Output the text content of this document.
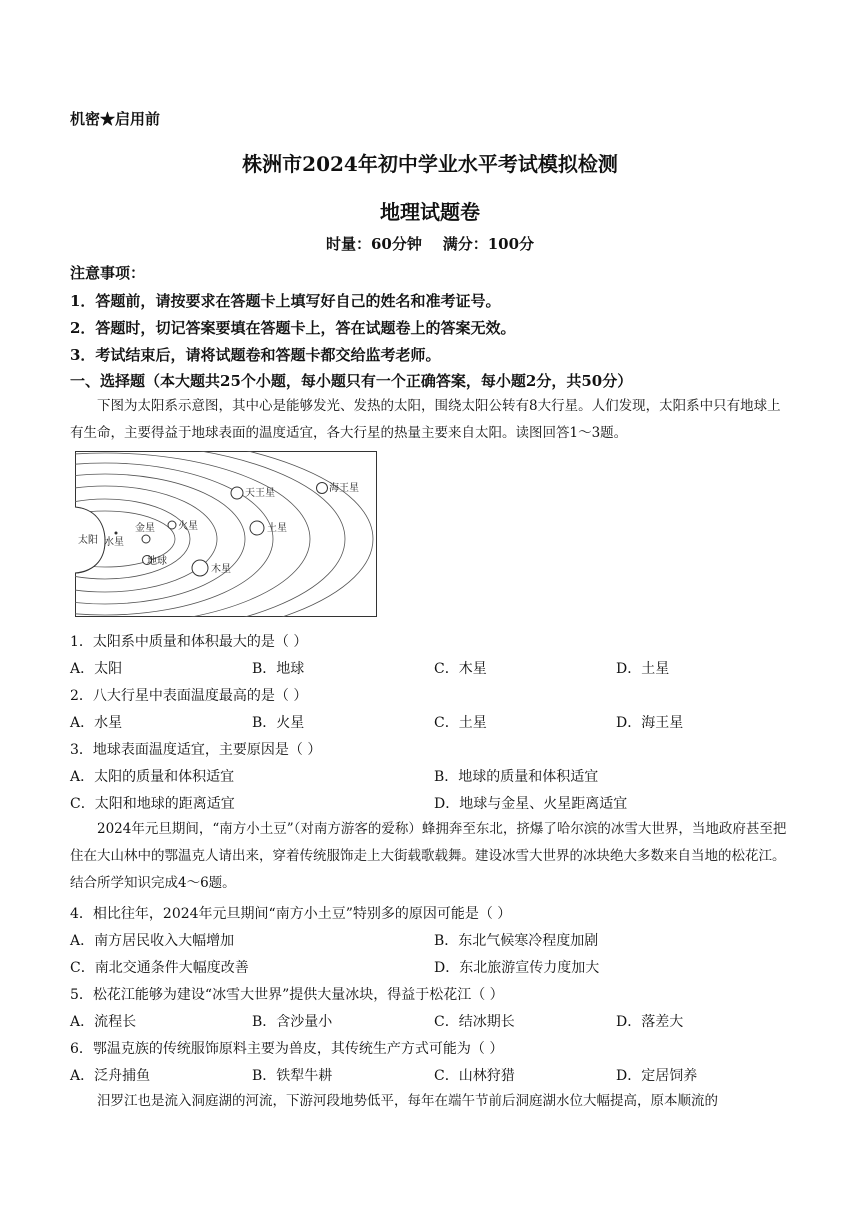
机密★启用前
株洲市2024年初中学业水平考试模拟检测
地理试题卷
时量：60分钟    满分：100分
注意事项：
1．答题前，请按要求在答题卡上填写好自己的姓名和准考证号。
2．答题时，切记答案要填在答题卡上，答在试题卷上的答案无效。
3．考试结束后，请将试题卷和答题卡都交给监考老师。
一、选择题（本大题共25个小题，每小题只有一个正确答案，每小题2分，共50分）
下图为太阳系示意图，其中心是能够发光、发热的太阳，围绕太阳公转有8大行星。人们发现，太阳系中只有地球上有生命，主要得益于地球表面的温度适宜，各大行星的热量主要来自太阳。读图回答1～3题。
太阳 水星
金星 火星
地球
木星
土星
天王星	海王星
1．太阳系中质量和体积最大的是（ ）
A．太阳	B．地球	C．木星	D．土星
2．八大行星中表面温度最高的是（ ）
A．水星	B．火星	C．土星	D．海王星
3．地球表面温度适宜，主要原因是（ ）
A．太阳的质量和体积适宜	B．地球的质量和体积适宜
C．太阳和地球的距离适宜	D．地球与金星、火星距离适宜
2024年元旦期间，“南方小土豆”（对南方游客的爱称）蜂拥奔至东北，挤爆了哈尔滨的冰雪大世界，当地政府甚至把住在大山林中的鄂温克人请出来，穿着传统服饰走上大街载歌载舞。建设冰雪大世界的冰块绝大多数来自当地的松花江。结合所学知识完成4～6题。
4．相比往年，2024年元旦期间“南方小土豆”特别多的原因可能是（ ）
A．南方居民收入大幅增加	B．东北气候寒冷程度加剧
C．南北交通条件大幅度改善	D．东北旅游宣传力度加大
5．松花江能够为建设“冰雪大世界”提供大量冰块，得益于松花江（ ）
A．流程长	B．含沙量小	C．结冰期长	D．落差大
6．鄂温克族的传统服饰原料主要为兽皮，其传统生产方式可能为（ ）
A．泛舟捕鱼	B．铁犁牛耕	C．山林狩猎	D．定居饲养
汨罗江也是流入洞庭湖的河流，下游河段地势低平，每年在端午节前后洞庭湖水位大幅提高，原本顺流的
